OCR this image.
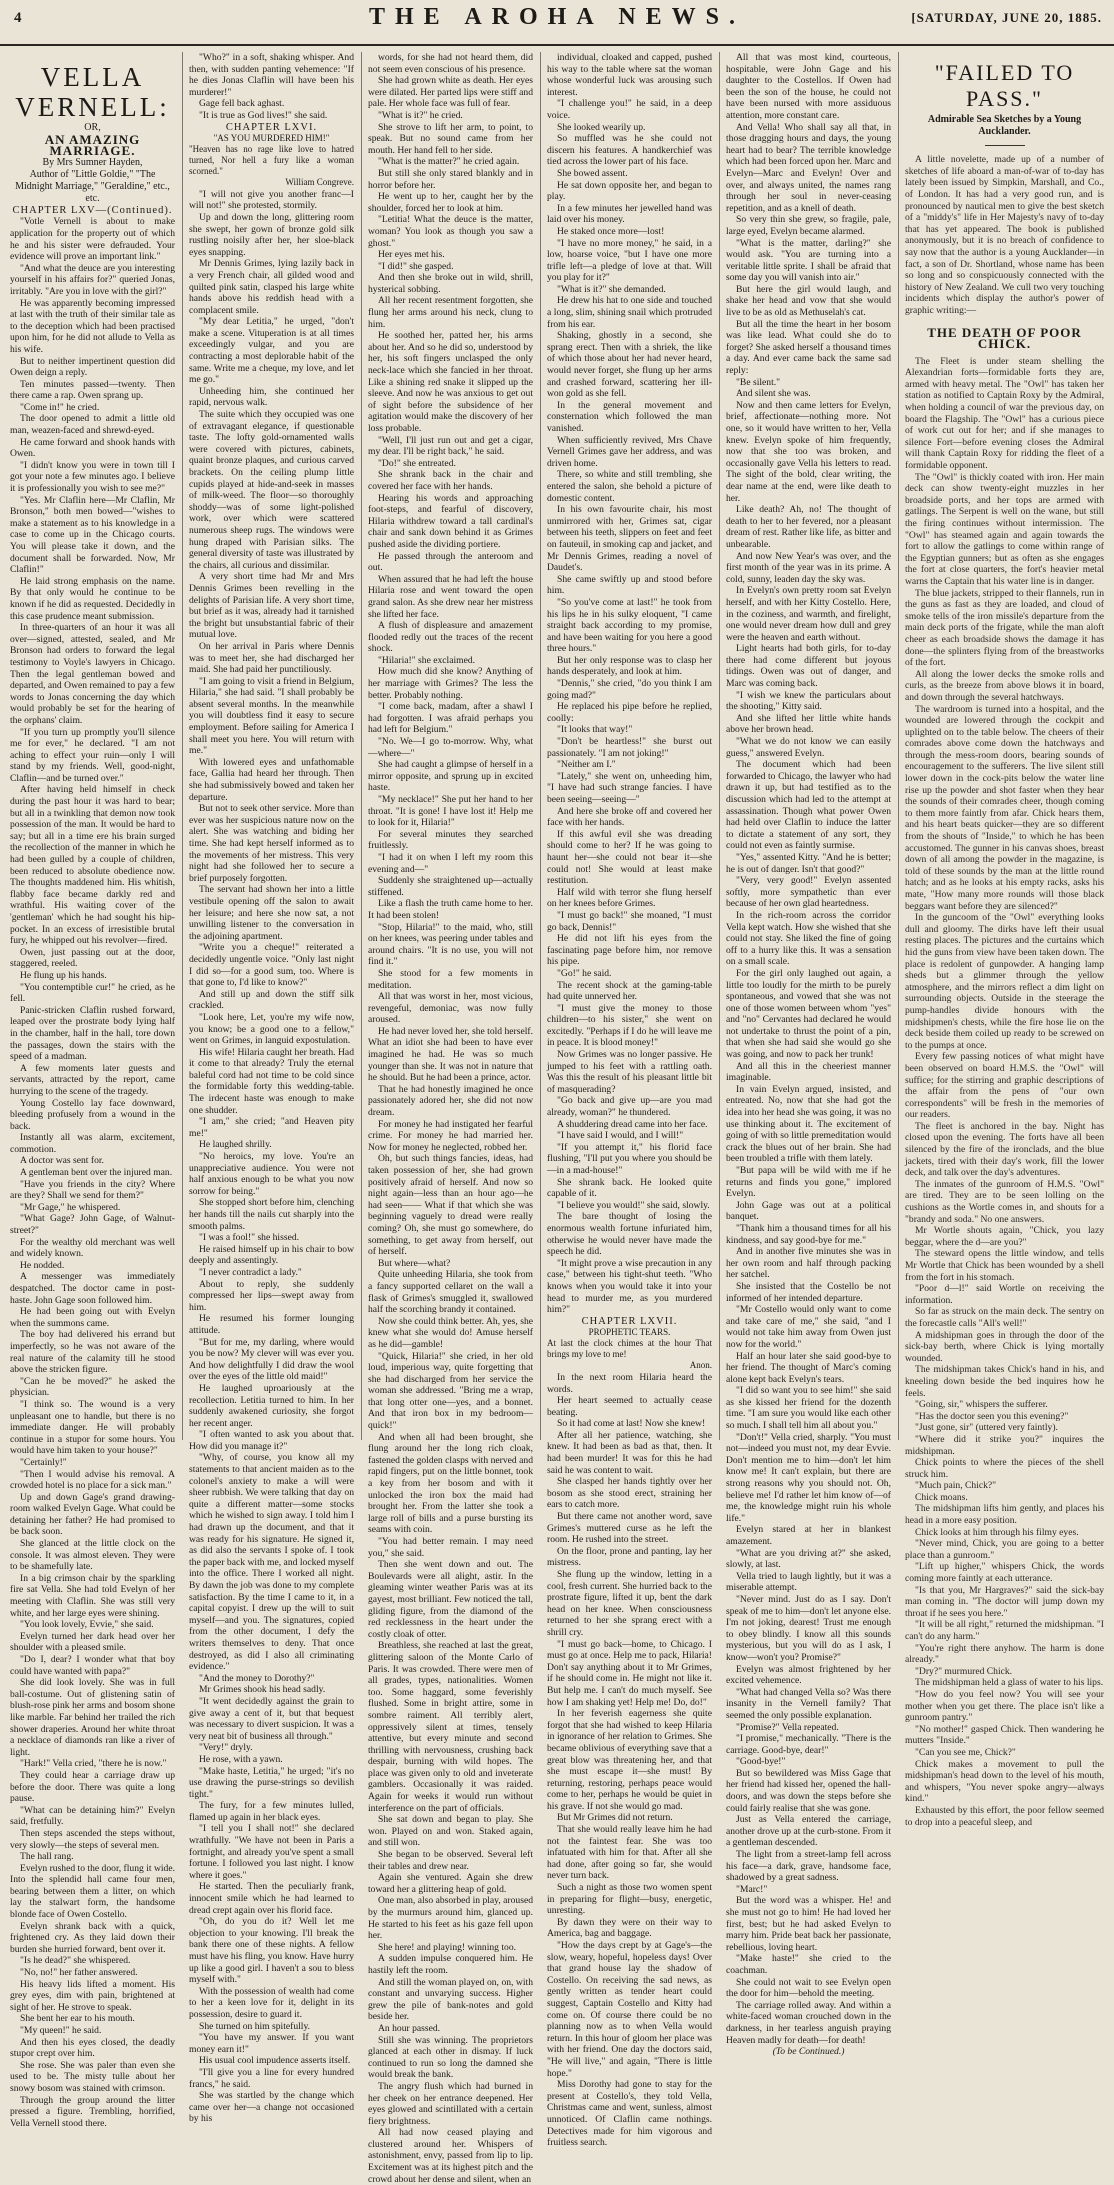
4	THE AROHA NEWS.	[SATURDAY, JUNE 20, 1885.
VELLA VERNELL:

OR,

AN AMAZING MARRIAGE.

By Mrs Sumner Hayden,

Author of "Little Goldie," "The Midnight Marriage," "Geraldine," etc., etc.

CHAPTER LXV—(Continued).

"Votle Vernell is about to make application for the property out of which he and his sister were defrauded. Your evidence will prove an important link."

"And what the deuce are you interesting yourself in his affairs for?" queried Jonas, irritably. "Are you in love with the girl?"

He was apparently becoming impressed at last with the truth of their similar tale as to the deception which had been practised upon him, for he did not allude to Vella as his wife.

But to neither impertinent question did Owen deign a reply.

Ten minutes passed—twenty. Then there came a rap. Owen sprang up.

"Come in!" he cried.

The door opened to admit a little old man, weazen-faced and shrewd-eyed.

He came forward and shook hands with Owen.

"I didn't know you were in town till I got your note a few minutes ago. I believe it is professionally you wish to see me?"

"Yes. Mr Claflin here—Mr Claflin, Mr Bronson," both men bowed—"wishes to make a statement as to his knowledge in a case to come up in the Chicago courts. You will please take it down, and the document shall be forwarded. Now, Mr Claflin!"

He laid strong emphasis on the name. By that only would he continue to be known if he did as requested. Decidedly in this case prudence meant submission.

In three-quarters of an hour it was all over—signed, attested, sealed, and Mr Bronson had orders to forward the legal testimony to Voyle's lawyers in Chicago. Then the legal gentleman bowed and departed, and Owen remained to pay a few words to Jonas concerning the day which would probably be set for the hearing of the orphans' claim.

"If you turn up promptly you'll silence me for ever," he declared. "I am not aching to effect your ruin—only I will stand by my friends. Well, good-night, Claflin—and be turned over."

After having held himself in check during the past hour it was hard to bear; but all in a twinkling that demon now took possession of the man. It would be hard to say; but all in a time ere his brain surged the recollection of the manner in which he had been gulled by a couple of children, been reduced to absolute obedience now. The thoughts maddened him. His whitish, flabby face became darkly red and wrathful. His waiting cover of the 'gentleman' which he had sought his hip-pocket. In an excess of irresistible brutal fury, he whipped out his revolver—fired.

Owen, just passing out at the door, staggered, reeled.

He flung up his hands.

"You contemptible cur!" he cried, as he fell.

Panic-stricken Claflin rushed forward, leaped over the prostrate body lying half in the chamber, half in the hall, tore down the passages, down the stairs with the speed of a madman.

A few moments later guests and servants, attracted by the report, came hurrying to the scene of the tragedy.

Young Costello lay face downward, bleeding profusely from a wound in the back.

Instantly all was alarm, excitement, commotion.

A doctor was sent for.

A gentleman bent over the injured man.

"Have you friends in the city? Where are they? Shall we send for them?"

"Mr Gage," he whispered.

"What Gage? John Gage, of Walnut-street?"

For the wealthy old merchant was well and widely known.

He nodded.

A messenger was immediately despatched. The doctor came in post-haste. John Gage soon followed him.

He had been going out with Evelyn when the summons came.

The boy had delivered his errand but imperfectly, so he was not aware of the real nature of the calamity till he stood above the stricken figure.

"Can he be moved?" he asked the physician.

"I think so. The wound is a very unpleasant one to handle, but there is no immediate danger. He will probably continue in a stupor for some hours. You would have him taken to your house?"

"Certainly!"

"Then I would advise his removal. A crowded hotel is no place for a sick man."

Up and down Gage's grand drawing-room walked Evelyn Gage. What could be detaining her father? He had promised to be back soon.

She glanced at the little clock on the console. It was almost eleven. They were to be shamefully late.

In a big crimson chair by the sparkling fire sat Vella. She had told Evelyn of her meeting with Claflin. She was still very white, and her large eyes were shining.

"You look lovely, Evvie," she said.

Evelyn turned her dark head over her shoulder with a pleased smile.

"Do I, dear? I wonder what that boy could have wanted with papa?"

She did look lovely. She was in full ball-costume. Out of glistening satin of blush-rose pink her arms and bosom shone like marble. Far behind her trailed the rich shower draperies. Around her white throat a necklace of diamonds ran like a river of light.

"Hark!" Vella cried, "there he is now."

They could hear a carriage draw up before the door. There was quite a long pause.

"What can be detaining him?" Evelyn said, fretfully.

Then steps ascended the steps without, very slowly—the steps of several men.

The hall rang.

Evelyn rushed to the door, flung it wide. Into the splendid hall came four men, bearing between them a litter, on which lay the stalwart form, the handsome blonde face of Owen Costello.

Evelyn shrank back with a quick, frightened cry. As they laid down their burden she hurried forward, bent over it.

"Is he dead?" she whispered.

"No, no!" her father answered.

His heavy lids lifted a moment. His grey eyes, dim with pain, brightened at sight of her. He strove to speak.

She bent her ear to his mouth.

"My queen!" he said.

And then his eyes closed, the deadly stupor crept over him.

She rose. She was paler than even she used to be. The misty tulle about her snowy bosom was stained with crimson.

Through the group around the litter pressed a figure. Trembling, horrified, Vella Vernell stood there.

"Who?" in a soft, shaking whisper. And then, with sudden panting vehemence: "If he dies Jonas Claflin will have been his murderer!"

Gage fell back aghast.

"It is true as God lives!" she said.

CHAPTER LXVI.

"AS YOU MURDERED HIM!"

"Heaven has no rage like love to hatred turned, Nor hell a fury like a woman scorned."

William Congreve.

"I will not give you another franc—I will not!" she protested, stormily.

Up and down the long, glittering room she swept, her gown of bronze gold silk rustling noisily after her, her sloe-black eyes snapping.

Mr Dennis Grimes, lying lazily back in a very French chair, all gilded wood and quilted pink satin, clasped his large white hands above his reddish head with a complacent smile.

"My dear Letitia," he urged, "don't make a scene. Vituperation is at all times exceedingly vulgar, and you are contracting a most deplorable habit of the same. Write me a cheque, my love, and let me go."

Unheeding him, she continued her rapid, nervous walk.

The suite which they occupied was one of extravagant elegance, if questionable taste. The lofty gold-ornamented walls were covered with pictures, cabinets, quaint bronze plaques, and curious carved brackets. On the ceiling plump little cupids played at hide-and-seek in masses of milk-weed. The floor—so thoroughly shoddy—was of some light-polished work, over which were scattered numerous sheep rugs. The windows were hung draped with Parisian silks. The general diversity of taste was illustrated by the chairs, all curious and dissimilar.

A very short time had Mr and Mrs Dennis Grimes been revelling in the delights of Parisian life. A very short time, but brief as it was, already had it tarnished the bright but unsubstantial fabric of their mutual love.

On her arrival in Paris where Dennis was to meet her, she had discharged her maid. She had paid her punctiliously.

"I am going to visit a friend in Belgium, Hilaria," she had said. "I shall probably be absent several months. In the meanwhile you will doubtless find it easy to secure employment. Before sailing for America I shall meet you here. You will return with me."

With lowered eyes and unfathomable face, Gallia had heard her through. Then she had submissively bowed and taken her departure.

But not to seek other service. More than ever was her suspicious nature now on the alert. She was watching and biding her time. She had kept herself informed as to the movements of her mistress. This very night had she followed her to secure a brief purposely forgotten.

The servant had shown her into a little vestibule opening off the salon to await her leisure; and here she now sat, a not unwilling listener to the conversation in the adjoining apartment.

"Write you a cheque!" reiterated a decidedly ungentle voice. "Only last night I did so—for a good sum, too. Where is that gone to, I'd like to know?"

And still up and down the stiff silk crackled.

"Look here, Let, you're my wife now, you know; be a good one to a fellow," went on Grimes, in languid expostulation.

His wife! Hilaria caught her breath. Had it come to that already? Truly the eternal baleful cord had not time to be cold since the formidable forty this wedding-table. The irdecent haste was enough to make one shudder.

"I am," she cried; "and Heaven pity me!"

He laughed shrilly.

"No heroics, my love. You're an unappreciative audience. You were not half anxious enough to be what you now sorrow for being."

She stopped short before him, clenching her hands till the nails cut sharply into the smooth palms.

"I was a fool!" she hissed.

He raised himself up in his chair to bow deeply and assentingly.

"I never contradict a lady."

About to reply, she suddenly compressed her lips—swept away from him.

He resumed his former lounging attitude.

"But for me, my darling, where would you be now? My clever will was ever you. And how delightfully I did draw the wool over the eyes of the little old maid!"

He laughed uproariously at the recollection. Letitia turned to him. In her suddenly awakened curiosity, she forgot her recent anger.

"I often wanted to ask you about that. How did you manage it?"

"Why, of course, you know all my statements to that ancient maiden as to the colonel's anxiety to make a will were sheer rubbish. We were talking that day on quite a different matter—some stocks which he wished to sign away. I told him I had drawn up the document, and that it was ready for his signature. He signed it, as did also the servants I spoke of. I took the paper back with me, and locked myself into the office. There I worked all night. By dawn the job was done to my complete satisfaction. By the time I came to it, in a capital copyist. I drew up the will to suit myself—and you. The signatures, copied from the other document, I defy the writers themselves to deny. That once destroyed, as did I also all criminating evidence."

"And the money to Dorothy?"

Mr Grimes shook his head sadly.

"It went decidedly against the grain to give away a cent of it, but that bequest was necessary to divert suspicion. It was a very neat bit of business all through."

"Very!" dryly.

He rose, with a yawn.

"Make haste, Letitia," he urged; "it's no use drawing the purse-strings so devilish tight."

The fury, for a few minutes lulled, flamed up again in her black eyes.

"I tell you I shall not!" she declared wrathfully. "We have not been in Paris a fortnight, and already you've spent a small fortune. I followed you last night. I know where it goes."

He started. Then the peculiarly frank, innocent smile which he had learned to dread crept again over his florid face.

"Oh, do you do it? Well let me objection to your knowing. I'll break the bank there one of these nights. A fellow must have his fling, you know. Have hurry up like a good girl. I haven't a sou to bless myself with."

With the possession of wealth had come to her a keen love for it, delight in its possession, desire to guard it.

She turned on him spitefully.

"You have my answer. If you want money earn it!"

His usual cool impudence asserts itself.

"I'll give you a line for every hundred francs," he said.

She was startled by the change which came over her—a change not occasioned by his

words, for she had not heard them, did not seem even conscious of his presence.

She had grown white as death. Her eyes were dilated. Her parted lips were stiff and pale. Her whole face was full of fear.

"What is it?" he cried.

She strove to lift her arm, to point, to speak. But no sound came from her mouth. Her hand fell to her side.

"What is the matter?" he cried again.

But still she only stared blankly and in horror before her.

He went up to her, caught her by the shoulder, forced her to look at him.

"Letitia! What the deuce is the matter, woman? You look as though you saw a ghost."

Her eyes met his.

"I did!" she gasped.

And then she broke out in wild, shrill, hysterical sobbing.

All her recent resentment forgotten, she flung her arms around his neck, clung to him.

He soothed her, patted her, his arms about her. And so he did so, understood by her, his soft fingers unclasped the only neck-lace which she fancied in her throat. Like a shining red snake it slipped up the sleeve. And now he was anxious to get out of sight before the subsidence of her agitation would make the discovery of her loss probable.

"Well, I'll just run out and get a cigar, my dear. I'll be right back," he said.

"Do!" she entreated.

She shrank back in the chair and covered her face with her hands.

Hearing his words and approaching foot-steps, and fearful of discovery, Hilaria withdrew toward a tall cardinal's chair and sank down behind it as Grimes pushed aside the dividing portiere.

He passed through the anteroom and out.

When assured that he had left the house Hilaria rose and went toward the open grand salon. As she drew near her mistress she lifted her face.

A flush of displeasure and amazement flooded redly out the traces of the recent shock.

"Hilaria!" she exclaimed.

How much did she know? Anything of her marriage with Grimes? The less the better. Probably nothing.

"I come back, madam, after a shawl I had forgotten. I was afraid perhaps you had left for Belgium."

"No. We—I go to-morrow. Why, what—where—"

She had caught a glimpse of herself in a mirror opposite, and sprung up in excited haste.

"My necklace!" She put her hand to her throat. "It is gone! I have lost it! Help me to look for it, Hilaria!"

For several minutes they searched fruitlessly.

"I had it on when I left my room this evening and—"

Suddenly she straightened up—actually stiffened.

Like a flash the truth came home to her. It had been stolen!

"Stop, Hilaria!" to the maid, who, still on her knees, was peering under tables and around chairs. "It is no use, you will not find it."

She stood for a few moments in meditation.

All that was worst in her, most vicious, revengeful, demoniac, was now fully aroused.

He had never loved her, she told herself. What an idiot she had been to have ever imagined he had. He was so much younger than she. It was not in nature that he should. But he had been a prince, actor.

That he had honestly imagined he once passionately adored her, she did not now dream.

For money he had instigated her fearful crime. For money he had married her. Now for money he neglected, robbed her.

Oh, but such things fancies, ideas, had taken possession of her, she had grown positively afraid of herself. And now so night again—less than an hour ago—he had seen—— What if that which she was beginning vaguely to dread were really coming? Oh, she must go somewhere, do something, to get away from herself, out of herself.

But where—what?

Quite unheeding Hilaria, she took from a fancy supported cellaret on the wall a flask of Grimes's smuggled it, swallowed half the scorching brandy it contained.

Now she could think better. Ah, yes, she knew what she would do! Amuse herself as he did—gamble!

"Quick, Hilaria!" she cried, in her old loud, imperious way, quite forgetting that she had discharged from her service the woman she addressed. "Bring me a wrap, that long otter one—yes, and a bonnet. And that iron box in my bedroom—quick!"

And when all had been brought, she flung around her the long rich cloak, fastened the golden clasps with nerved and rapid fingers, put on the little bonnet, took a key from her bosom and with it unlocked the iron box the maid had brought her. From the latter she took a large roll of bills and a purse bursting its seams with coin.

"You had better remain. I may need you," she said.

Then she went down and out. The Boulevards were all alight, astir. In the gleaming winter weather Paris was at its gayest, most brilliant. Few noticed the tall, gliding figure, from the diamond of the red recklessness in the heart under the costly cloak of otter.

Breathless, she reached at last the great, glittering saloon of the Monte Carlo of Paris. It was crowded. There were men of all grades, types, nationalities. Women too. Some haggard, some feverishly flushed. Some in bright attire, some in sombre raiment. All terribly alert, oppressively silent at times, tensely attentive, but every minute and second thrilling with nervousness, crushing back despair, burning with wild hopes. The place was given only to old and inveterate gamblers. Occasionally it was raided. Again for weeks it would run without interference on the part of officials.

She sat down and began to play. She won. Played on and won. Staked again, and still won.

She began to be observed. Several left their tables and drew near.

Again she ventured. Again she drew toward her a glittering heap of gold.

One man, also absorbed in play, aroused by the murmurs around him, glanced up. He started to his feet as his gaze fell upon her.

She here! and playing! winning too.

A sudden impulse conquered him. He hastily left the room.

And still the woman played on, on, with constant and unvarying success. Higher grew the pile of bank-notes and gold beside her.

An hour passed.

Still she was winning. The proprietors glanced at each other in dismay. If luck continued to run so long the damned she would break the bank.

The angry flush which had burned in her cheek on her entrance deepened. Her eyes glowed and scintillated with a certain fiery brightness.

All had now ceased playing and clustered around her. Whispers of astonishment, envy, passed from lip to lip. Excitement was at its highest pitch and the crowd about her dense and silent, when an

individual, cloaked and capped, pushed his way to the table where sat the woman whose wonderful luck was arousing such interest.

"I challenge you!" he said, in a deep voice.

She looked wearily up.

So muffled was he she could not discern his features. A handkerchief was tied across the lower part of his face.

She bowed assent.

He sat down opposite her, and began to play.

In a few minutes her jewelled hand was laid over his money.

He staked once more—lost!

"I have no more money," he said, in a low, hoarse voice, "but I have one more trifle left—a pledge of love at that. Will you play for it?"

"What is it?" she demanded.

He drew his hat to one side and touched a long, slim, shining snail which protruded from his ear.

Shaking, ghostly in a second, she sprang erect. Then with a shriek, the like of which those about her had never heard, would never forget, she flung up her arms and crashed forward, scattering her ill-won gold as she fell.

In the general movement and consternation which followed the man vanished.

When sufficiently revived, Mrs Chave Vernell Grimes gave her address, and was driven home.

There, so white and still trembling, she entered the salon, she behold a picture of domestic content.

In his own favourite chair, his most unmirrored with her, Grimes sat, cigar between his teeth, slippers on feet and feet on fauteuil, in smoking cap and jacket, and Mr Dennis Grimes, reading a novel of Daudet's.

She came swiftly up and stood before him.

"So you've come at last!" he took from his lips he in his sulky eloquent, "I came straight back according to my promise, and have been waiting for you here a good three hours."

But her only response was to clasp her hands desperately, and look at him.

"Dennis," she cried, "do you think I am going mad?"

He replaced his pipe before he replied, coolly:

"It looks that way!"

"Don't be heartless!" she burst out passionately. "I am not joking!"

"Neither am I."

"Lately," she went on, unheeding him, "I have had such strange fancies. I have been seeing—seeing—"

And here she broke off and covered her face with her hands.

If this awful evil she was dreading should come to her? If he was going to haunt her—she could not bear it—she could not! She would at least make restitution.

Half wild with terror she flung herself on her knees before Grimes.

"I must go back!" she moaned, "I must go back, Dennis!"

He did not lift his eyes from the fascinating page before him, nor remove his pipe.

"Go!" he said.

The recent shock at the gaming-table had quite unnerved her.

"I must give the money to those children—to his sister," she went on excitedly. "Perhaps if I do he will leave me in peace. It is blood money!"

Now Grimes was no longer passive. He jumped to his feet with a rattling oath. Was this the result of his pleasant little bit of masquerading?

"Go back and give up—are you mad already, woman?" he thundered.

A shuddering dread came into her face.

"I have said I would, and I will!"

"If you attempt it," his florid face flushing, "I'll put you where you should be—in a mad-house!"

She shrank back. He looked quite capable of it.

"I believe you would!" she said, slowly.

The bare thought of losing the enormous wealth fortune infuriated him, otherwise he would never have made the speech he did.

"It might prove a wise precaution in any case," between his tight-shut teeth. "Who knows when you would take it into your head to murder me, as you murdered him?"

CHAPTER LXVII.

PROPHETIC TEARS.

At last the clock chimes at the hour That brings my love to me!

Anon.

In the next room Hilaria heard the words.

Her heart seemed to actually cease beating.

So it had come at last! Now she knew!

After all her patience, watching, she knew. It had been as bad as that, then. It had been murder! It was for this he had said he was content to wait.

She clasped her hands tightly over her bosom as she stood erect, straining her ears to catch more.

But there came not another word, save Grimes's muttered curse as he left the room. He rushed into the street.

On the floor, prone and panting, lay her mistress.

She flung up the window, letting in a cool, fresh current. She hurried back to the prostrate figure, lifted it up, bent the dark head on her knee. When consciousness returned to her she sprang erect with a shrill cry.

"I must go back—home, to Chicago. I must go at once. Help me to pack, Hilaria! Don't say anything about it to Mr Grimes, if he should come in. He might not like it. But help me. I can't do much myself. See how I am shaking yet! Help me! Do, do!"

In her feverish eagerness she quite forgot that she had wished to keep Hilaria in ignorance of her relation to Grimes. She became oblivious of everything save that a great blow was threatening her, and that she must escape it—she must! By returning, restoring, perhaps peace would come to her, perhaps he would be quiet in his grave. If not she would go mad.

But Mr Grimes did not return.

That she would really leave him he had not the faintest fear. She was too infatuated with him for that. After all she had done, after going so far, she would never turn back.

Such a night as those two women spent in preparing for flight—busy, energetic, unresting.

By dawn they were on their way to America, bag and baggage.

"How the days crept by at Gage's—the slow, weary, hopeful, hopeless days! Over that grand house lay the shadow of Costello. On receiving the sad news, as gently written as tender heart could suggest, Captain Costello and Kitty had come on. Of course there could be no planning now as to when Vella would return. In this hour of gloom her place was with her friend. One day the doctors said, "He will live," and again, "There is little hope."

Miss Dorothy had gone to stay for the present at Costello's, they told Vella, Christmas came and went, sunless, almost unnoticed. Of Claflin came nothings. Detectives made for him vigorous and fruitless search.

All that was most kind, courteous, hospitable, were John Gage and his daughter to the Costellos. If Owen had been the son of the house, he could not have been nursed with more assiduous attention, more constant care.

And Vella! Who shall say all that, in those dragging hours and days, the young heart had to bear? The terrible knowledge which had been forced upon her. Marc and Evelyn—Marc and Evelyn! Over and over, and always united, the names rang through her soul in never-ceasing repetition, and as a knell of death.

So very thin she grew, so fragile, pale, large eyed, Evelyn became alarmed.

"What is the matter, darling?" she would ask. "You are turning into a veritable little sprite. I shall be afraid that some day you will vanish into air."

But here the girl would laugh, and shake her head and vow that she would live to be as old as Methuselah's cat.

But all the time the heart in her bosom was like lead. What could she do to forget? She asked herself a thousand times a day. And ever came back the same sad reply:

"Be silent."

And silent she was.

Now and then came letters for Evelyn, brief, affectionate—nothing more. Not one, so it would have written to her, Vella knew. Evelyn spoke of him frequently, now that she too was broken, and occasionally gave Vella his letters to read. The sight of the bold, clear writing, the dear name at the end, were like death to her.

Like death? Ah, no! The thought of death to her to her fevered, nor a pleasant dream of rest. Rather like life, as bitter and unbearable.

And now New Year's was over, and the first month of the year was in its prime. A cold, sunny, leaden day the sky was.

In Evelyn's own pretty room sat Evelyn herself, and with her Kitty Costello. Here, in the coziness, and warmth, and firelight, one would never dream how dull and grey were the heaven and earth without.

Light hearts had both girls, for to-day there had come different but joyous tidings. Owen was out of danger, and Marc was coming back.

"I wish we knew the particulars about the shooting," Kitty said.

And she lifted her little white hands above her brown head.

"What we do not know we can easily guess," answered Evelyn.

The document which had been forwarded to Chicago, the lawyer who had drawn it up, but had testified as to the discussion which had led to the attempt at assassination. Though what power Owen had held over Claflin to induce the latter to dictate a statement of any sort, they could not even as faintly surmise.

"Yes," assented Kitty. "And he is better; he is out of danger. Isn't that good?"

"Very, very good!" Evelyn assented softly, more sympathetic than ever because of her own glad heartedness.

In the rich-room across the corridor Vella kept watch. How she wished that she could not stay. She liked the fine of going off to a hurry like this. It was a sensation on a small scale.

For the girl only laughed out again, a little too loudly for the mirth to be purely spontaneous, and vowed that she was not one of those women between whom "yes" and "no" Cervantes had declared he would not undertake to thrust the point of a pin, that when she had said she would go she was going, and now to pack her trunk!

And all this in the cheeriest manner imaginable.

In vain Evelyn argued, insisted, and entreated. No, now that she had got the idea into her head she was going, it was no use thinking about it. The excitement of going of with so little premeditation would crack the blues out of her brain. She had been troubled a trifle with them lately.

"But papa will be wild with me if he returns and finds you gone," implored Evelyn.

John Gage was out at a political banquet.

"Thank him a thousand times for all his kindness, and say good-bye for me."

And in another five minutes she was in her own room and half through packing her satchel.

She insisted that the Costello be not informed of her intended departure.

"Mr Costello would only want to come and take care of me," she said, "and I would not take him away from Owen just now for the world."

Half an hour later she said good-bye to her friend. The thought of Marc's coming alone kept back Evelyn's tears.

"I did so want you to see him!" she said as she kissed her friend for the dozenth time. "I am sure you would like each other so much. I shall tell him all about you."

"Don't!" Vella cried, sharply. "You must not—indeed you must not, my dear Evvie. Don't mention me to him—don't let him know me! It can't explain, but there are strong reasons why you should not. Oh, believe me! I'd rather let him know of—of me, the knowledge might ruin his whole life."

Evelyn stared at her in blankest amazement.

"What are you driving at?" she asked, slowly, at last.

Vella tried to laugh lightly, but it was a miserable attempt.

"Never mind. Just do as I say. Don't speak of me to him—don't let anyone else. I'm not joking, dearest! Trust me enough to obey blindly. I know all this sounds mysterious, but you will do as I ask, I know—won't you? Promise?"

Evelyn was almost frightened by her excited vehemence.

"What had changed Vella so? Was there insanity in the Vernell family? That seemed the only possible explanation.

"Promise?" Vella repeated.

"I promise," mechanically. "There is the carriage. Good-bye, dear!"

"Good-bye!"

But so bewildered was Miss Gage that her friend had kissed her, opened the hall-doors, and was down the steps before she could fairly realise that she was gone.

Just as Vella entered the carriage, another drove up at the curb-stone. From it a gentleman descended.

The light from a street-lamp fell across his face—a dark, grave, handsome face, shadowed by a great sadness.

"Marc!"

But the word was a whisper. He! and she must not go to him! He had loved her first, best; but he had asked Evelyn to marry him. Pride beat back her passionate, rebellious, loving heart.

"Make haste!" she cried to the coachman.

She could not wait to see Evelyn open the door for him—behold the meeting.

The carriage rolled away. And within a white-faced woman crouched down in the darkness, in her tearless anguish praying Heaven madly for death—for death!

(To be Continued.)

"FAILED TO PASS."

Admirable Sea Sketches by a Young Aucklander.

A little novelette, made up of a number of sketches of life aboard a man-of-war of to-day has lately been issued by Simpkin, Marshall, and Co., of London. It has had a very good run, and is pronounced by nautical men to give the best sketch of a "middy's" life in Her Majesty's navy of to-day that has yet appeared. The book is published anonymously, but it is no breach of confidence to say now that the author is a young Aucklander—in fact, a son of Dr. Shortland, whose name has been so long and so conspicuously connected with the history of New Zealand. We cull two very touching incidents which display the author's power of graphic writing:—

THE DEATH OF POOR CHICK.

The Fleet is under steam shelling the Alexandrian forts—formidable forts they are, armed with heavy metal. The "Owl" has taken her station as notified to Captain Roxy by the Admiral, when holding a council of war the previous day, on board the Flagship. The "Owl" has a curious piece of work cut out for her; and if she manages to silence Fort—before evening closes the Admiral will thank Captain Roxy for ridding the fleet of a formidable opponent.

The "Owl" is thickly coated with iron. Her main deck can show twenty-eight muzzles in her broadside ports, and her tops are armed with gatlings. The Serpent is well on the wane, but still the firing continues without intermission. The "Owl" has steamed again and again towards the fort to allow the gatlings to come within range of the Egyptian gunners; but as often as she engages the fort at close quarters, the fort's heavier metal warns the Captain that his water line is in danger.

The blue jackets, stripped to their flannels, run in the guns as fast as they are loaded, and cloud of smoke tells of the iron missile's departure from the main deck ports of the frigate, while the man aloft cheer as each broadside shows the damage it has done—the splinters flying from of the breastworks of the fort.

All along the lower decks the smoke rolls and curls, as the breeze from above blows it in board, and down through the several hatchways.

The wardroom is turned into a hospital, and the wounded are lowered through the cockpit and uplighted on to the table below. The cheers of their comrades above come down the hatchways and through the mess-room doors, bearing sounds of encouragement to the sufferers. The live silent still lower down in the cock-pits below the water line rise up the powder and shot faster when they hear the sounds of their comrades cheer, though coming to them more faintly from afar. Chick hears them, and his heart beats quicker—they are so different from the shouts of "Inside," to which he has been accustomed. The gunner in his canvas shoes, breast down of all among the powder in the magazine, is told of these sounds by the man at the little round hatch; and as he looks at his empty racks, asks his mate, "How many more rounds will those black beggars want before they are silenced?"

In the guncoom of the "Owl" everything looks dull and gloomy. The dirks have left their usual resting places. The pictures and the curtains which hid the guns from view have been taken down. The place is redolent of gunpowder. A hanging lamp sheds but a glimmer through the yellow atmosphere, and the mirrors reflect a dim light on surrounding objects. Outside in the steerage the pump-handles divide honours with the midshipmen's chests, while the fire hose lie on the deck beside them coiled up ready to be screwed on to the pumps at once.

Every few passing notices of what might have been observed on board H.M.S. the "Owl" will suffice; for the stirring and graphic descriptions of the affair from the pens of "our own correspondents" will be fresh in the memories of our readers.

The fleet is anchored in the bay. Night has closed upon the evening. The forts have all been silenced by the fire of the ironclads, and the blue jackets, tired with their day's work, fill the lower deck, and talk over the day's adventures.

The inmates of the gunroom of H.M.S. "Owl" are tired. They are to be seen lolling on the cushions as the Wortle comes in, and shouts for a "brandy and soda." No one answers.

Mr Wortle shouts again, "Chick, you lazy beggar, where the d—are you?"

The steward opens the little window, and tells Mr Wortle that Chick has been wounded by a shell from the fort in his stomach.

"Poor d—l!" said Wortle on receiving the information.

So far as struck on the main deck. The sentry on the forecastle calls "All's well!"

A midshipman goes in through the door of the sick-bay berth, where Chick is lying mortally wounded.

The midshipman takes Chick's hand in his, and kneeling down beside the bed inquires how he feels.

"Going, sir," whispers the sufferer.

"Has the doctor seen you this evening?"

"Just gone, sir" (uttered very faintly).

"Where did it strike you?" inquires the midshipman.

Chick points to where the pieces of the shell struck him.

"Much pain, Chick?"

Chick moans.

The midshipman lifts him gently, and places his head in a more easy position.

Chick looks at him through his filmy eyes.

"Never mind, Chick, you are going to a better place than a gunroom."

"Lift up higher," whispers Chick, the words coming more faintly at each utterance.

"Is that you, Mr Hargraves?" said the sick-bay man coming in. "The doctor will jump down my throat if he sees you here."

"It will be all right," returned the midshipman. "I can't do any harm."

"You're right there anyhow. The harm is done already."

"Dry?" murmured Chick.

The midshipman held a glass of water to his lips.

"How do you feel now? You will see your mother when you get there. The place isn't like a gunroom pantry."

"No mother!" gasped Chick. Then wandering he mutters "Inside."

"Can you see me, Chick?"

Chick makes a movement to pull the midshipman's head down to the level of his mouth, and whispers, "You never spoke angry—always kind."

Exhausted by this effort, the poor fellow seemed to drop into a peaceful sleep, and
